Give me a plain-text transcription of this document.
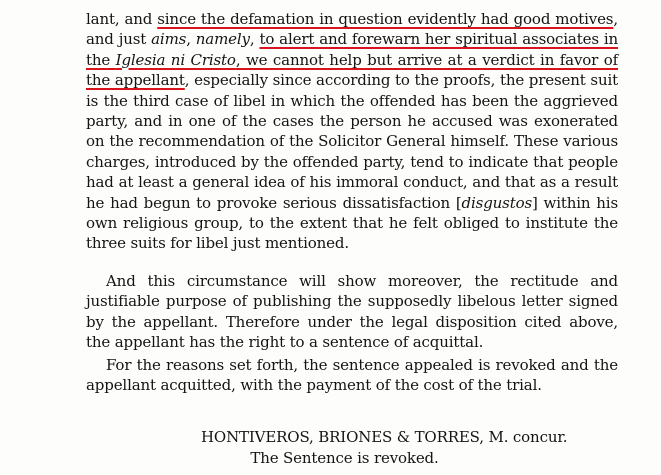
lant, and since the defamation in question evidently had good motives, and just aims, namely, to alert and forewarn her spiritual associates in the Iglesia ni Cristo, we cannot help but arrive at a verdict in favor of the appellant, especially since according to the proofs, the present suit is the third case of libel in which the offended has been the aggrieved party, and in one of the cases the person he accused was exonerated on the recommendation of the Solicitor General himself. These various charges, introduced by the offended party, tend to indicate that people had at least a general idea of his immoral conduct, and that as a result he had begun to provoke serious dissatisfaction [disgustos] within his own religious group, to the extent that he felt obliged to institute the three suits for libel just mentioned.

And this circumstance will show moreover, the rectitude and justifiable purpose of publishing the supposedly libelous letter signed by the appellant. Therefore under the legal disposition cited above, the appellant has the right to a sentence of acquittal.

For the reasons set forth, the sentence appealed is revoked and the appellant acquitted, with the payment of the cost of the trial.

HONTIVEROS, BRIONES & TORRES, M. concur.
The Sentence is revoked.
